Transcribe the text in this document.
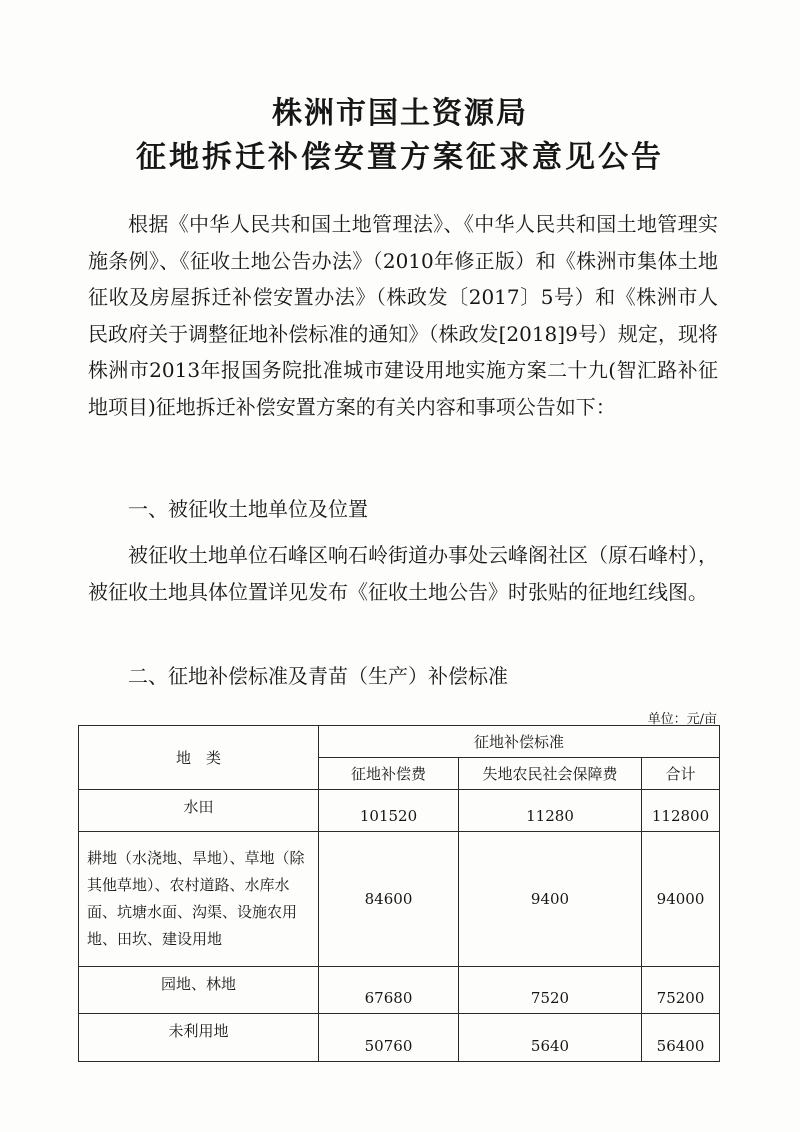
株洲市国土资源局
征地拆迁补偿安置方案征求意见公告

根据《中华人民共和国土地管理法》、《中华人民共和国土地管理实施条例》、《征收土地公告办法》（2010年修正版）和《株洲市集体土地征收及房屋拆迁补偿安置办法》（株政发〔2017〕5号）和《株洲市人民政府关于调整征地补偿标准的通知》（株政发[2018]9号）规定，现将株洲市2013年报国务院批准城市建设用地实施方案二十九(智汇路补征地项目)征地拆迁补偿安置方案的有关内容和事项公告如下：

一、被征收土地单位及位置

被征收土地单位石峰区响石岭街道办事处云峰阁社区（原石峰村），被征收土地具体位置详见发布《征收土地公告》时张贴的征地红线图。

二、征地补偿标准及青苗（生产）补偿标准

单位：元/亩
地　类	征地补偿标准		
	征地补偿费	失地农民社会保障费	合计
水田	101520	11280	112800
耕地（水浇地、旱地）、草地（除其他草地）、农村道路、水库水面、坑塘水面、沟渠、设施农用地、田坎、建设用地	84600	9400	94000
园地、林地	67680	7520	75200
未利用地	50760	5640	56400
